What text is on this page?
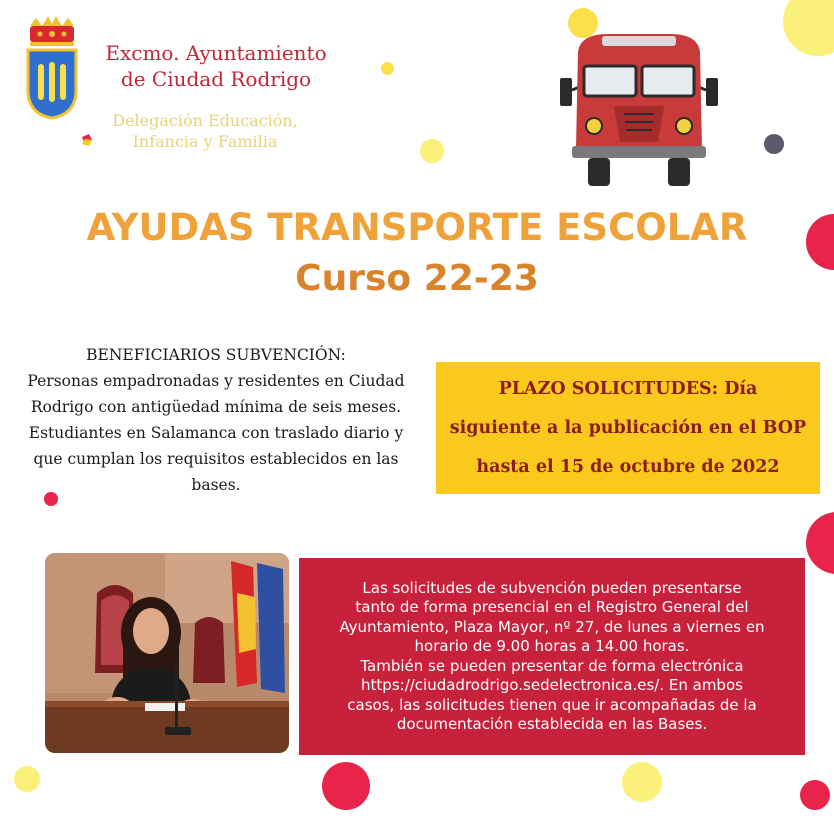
Excmo. Ayuntamiento
de Ciudad Rodrigo
Delegación Educación,
Infancia y Familia
AYUDAS TRANSPORTE ESCOLAR
Curso 22-23
BENEFICIARIOS SUBVENCIÓN:
Personas empadronadas y residentes en Ciudad
Rodrigo con antigüedad mínima de seis meses.
Estudiantes en Salamanca con traslado diario y
que cumplan los requisitos establecidos en las
bases.
PLAZO SOLICITUDES: Día
siguiente a la publicación en el BOP
hasta el 15 de octubre de 2022
Las solicitudes de subvención pueden presentarse
tanto de forma presencial en el Registro General del
Ayuntamiento, Plaza Mayor, nº 27, de lunes a viernes en
horario de 9.00 horas a 14.00 horas.
También se pueden presentar de forma electrónica
https://ciudadrodrigo.sedelectronica.es/. En ambos
casos, las solicitudes tienen que ir acompañadas de la
documentación establecida en las Bases.
